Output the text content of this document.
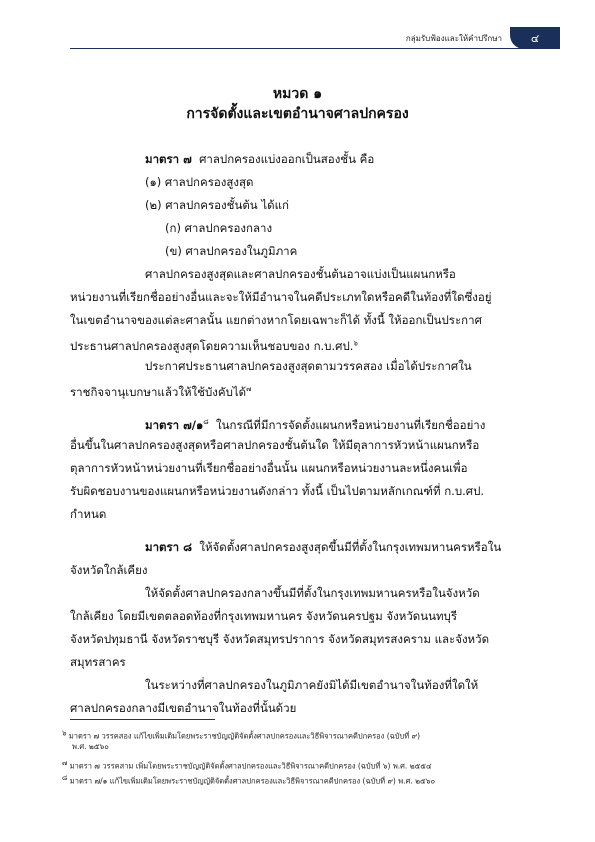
กลุ่มรับฟ้องและให้คำปรึกษา	๔
หมวด ๑
การจัดตั้งและเขตอำนาจศาลปกครอง
มาตรา ๗ ศาลปกครองแบ่งออกเป็นสองชั้น คือ
(๑) ศาลปกครองสูงสุด
(๒) ศาลปกครองชั้นต้น ได้แก่
(ก) ศาลปกครองกลาง
(ข) ศาลปกครองในภูมิภาค
ศาลปกครองสูงสุดและศาลปกครองชั้นต้นอาจแบ่งเป็นแผนกหรือ
หน่วยงานที่เรียกชื่ออย่างอื่นและจะให้มีอำนาจในคดีประเภทใดหรือคดีในท้องที่ใดซึ่งอยู่
ในเขตอำนาจของแต่ละศาลนั้น แยกต่างหากโดยเฉพาะก็ได้ ทั้งนี้ ให้ออกเป็นประกาศ
ประธานศาลปกครองสูงสุดโดยความเห็นชอบของ ก.บ.ศป.$^๖$
ประกาศประธานศาลปกครองสูงสุดตามวรรคสอง เมื่อได้ประกาศใน
ราชกิจจานุเบกษาแล้วให้ใช้บังคับได้$^๗$
มาตรา ๗/๑$^๘$ ในกรณีที่มีการจัดตั้งแผนกหรือหน่วยงานที่เรียกชื่ออย่าง
อื่นขึ้นในศาลปกครองสูงสุดหรือศาลปกครองชั้นต้นใด ให้มีตุลาการหัวหน้าแผนกหรือ
ตุลาการหัวหน้าหน่วยงานที่เรียกชื่ออย่างอื่นนั้น แผนกหรือหน่วยงานละหนึ่งคนเพื่อ
รับผิดชอบงานของแผนกหรือหน่วยงานดังกล่าว ทั้งนี้ เป็นไปตามหลักเกณฑ์ที่ ก.บ.ศป.
กำหนด
มาตรา ๘ ให้จัดตั้งศาลปกครองสูงสุดขึ้นมีที่ตั้งในกรุงเทพมหานครหรือใน
จังหวัดใกล้เคียง
ให้จัดตั้งศาลปกครองกลางขึ้นมีที่ตั้งในกรุงเทพมหานครหรือในจังหวัด
ใกล้เคียง โดยมีเขตตลอดท้องที่กรุงเทพมหานคร จังหวัดนครปฐม จังหวัดนนทบุรี
จังหวัดปทุมธานี จังหวัดราชบุรี จังหวัดสมุทรปราการ จังหวัดสมุทรสงคราม และจังหวัด
สมุทรสาคร
ในระหว่างที่ศาลปกครองในภูมิภาคยังมิได้มีเขตอำนาจในท้องที่ใดให้
ศาลปกครองกลางมีเขตอำนาจในท้องที่นั้นด้วย
๖ มาตรา ๗ วรรคสอง แก้ไขเพิ่มเติมโดยพระราชบัญญัติจัดตั้งศาลปกครองและวิธีพิจารณาคดีปกครอง (ฉบับที่ ๙)
พ.ศ. ๒๕๖๐
๗ มาตรา ๗ วรรคสาม เพิ่มโดยพระราชบัญญัติจัดตั้งศาลปกครองและวิธีพิจารณาคดีปกครอง (ฉบับที่ ๖) พ.ศ. ๒๕๕๔
๘ มาตรา ๗/๑ แก้ไขเพิ่มเติมโดยพระราชบัญญัติจัดตั้งศาลปกครองและวิธีพิจารณาคดีปกครอง (ฉบับที่ ๙) พ.ศ. ๒๕๖๐
